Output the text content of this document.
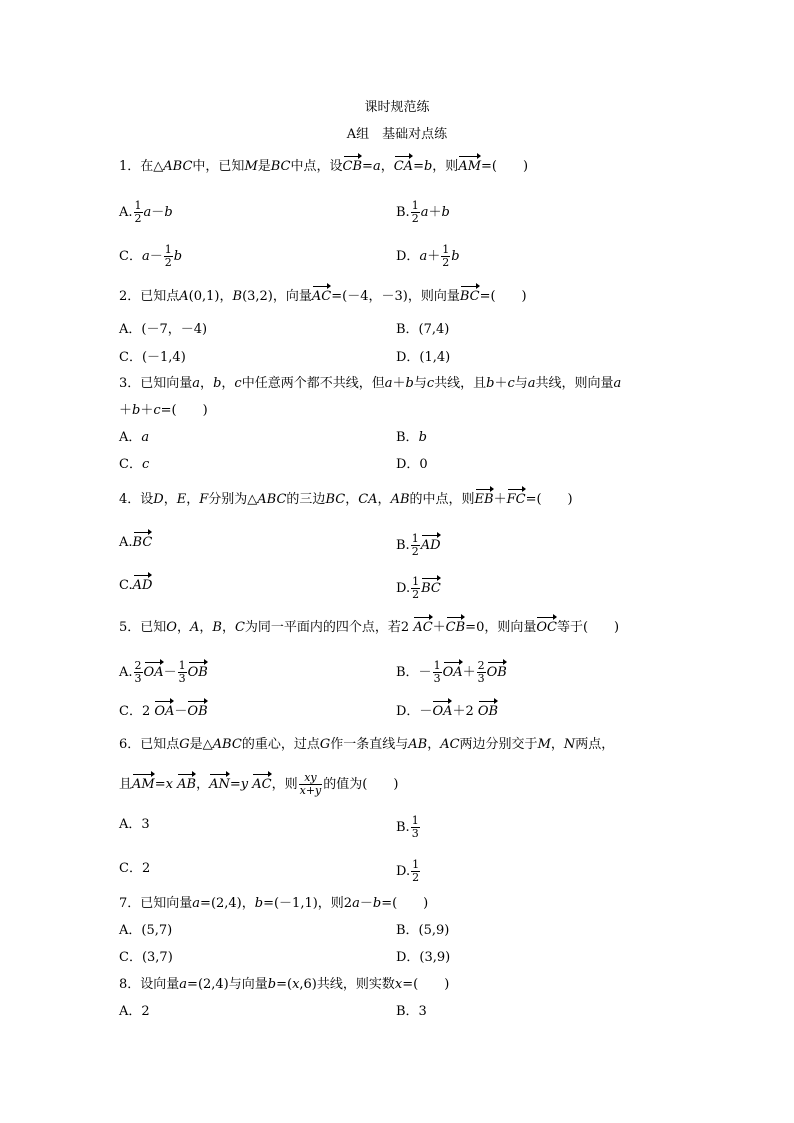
课时规范练
A组　基础对点练
1．在△ABC中，已知M是BC中点，设CB=a，CA=b，则AM=(　　)
A. $\frac{1}{2} a-b$	B. $\frac{1}{2} a+b$
C．$a- \frac{1}{2}$ b	D．$a+ \frac{1}{2}$ b
2．已知点A(0,1)，B(3,2)，向量AC=(－4，－3)，则向量BC=(　　)
A．(－7，－4)	B．(7,4)
C．(－1,4)	D．(1,4)
3．已知向量a，b，c中任意两个都不共线，但a＋b与c共线，且b＋c与a共线，则向量a
＋b＋c=(　　)
A．a	B．b
C．c	D．0
4．设D，E，F分别为△ABC的三边BC，CA，AB的中点，则EB＋FC=(　　)
A.BC	B. $\frac{1}{2}$ AD
C.AD	D. $\frac{1}{2}$ BC
5．已知O，A，B，C为同一平面内的四个点，若2 AC＋CB=0，则向量OC等于(　　)
A. $\frac{2}{3} OA- \frac{1}{3}$ OB	B．－ $\frac{1}{3} OA+ \frac{2}{3}$ OB
C．2 OA－OB	D．－OA＋2 OB
6．已知点G是△ABC的重心，过点G作一条直线与AB，AC两边分别交于M，N两点，
且AM=x AB，AN=y AC，则 $\frac{xy}{x+y}$ 的值为(　　)
A．3	B. $\frac{1}{3}$
C．2	D. $\frac{1}{2}$
7．已知向量a=(2,4)，b=(－1,1)，则2a－b=(　　)
A．(5,7)	B．(5,9)
C．(3,7)	D．(3,9)
8．设向量a=(2,4)与向量b=(x,6)共线，则实数x=(　　)
A．2	B．3
